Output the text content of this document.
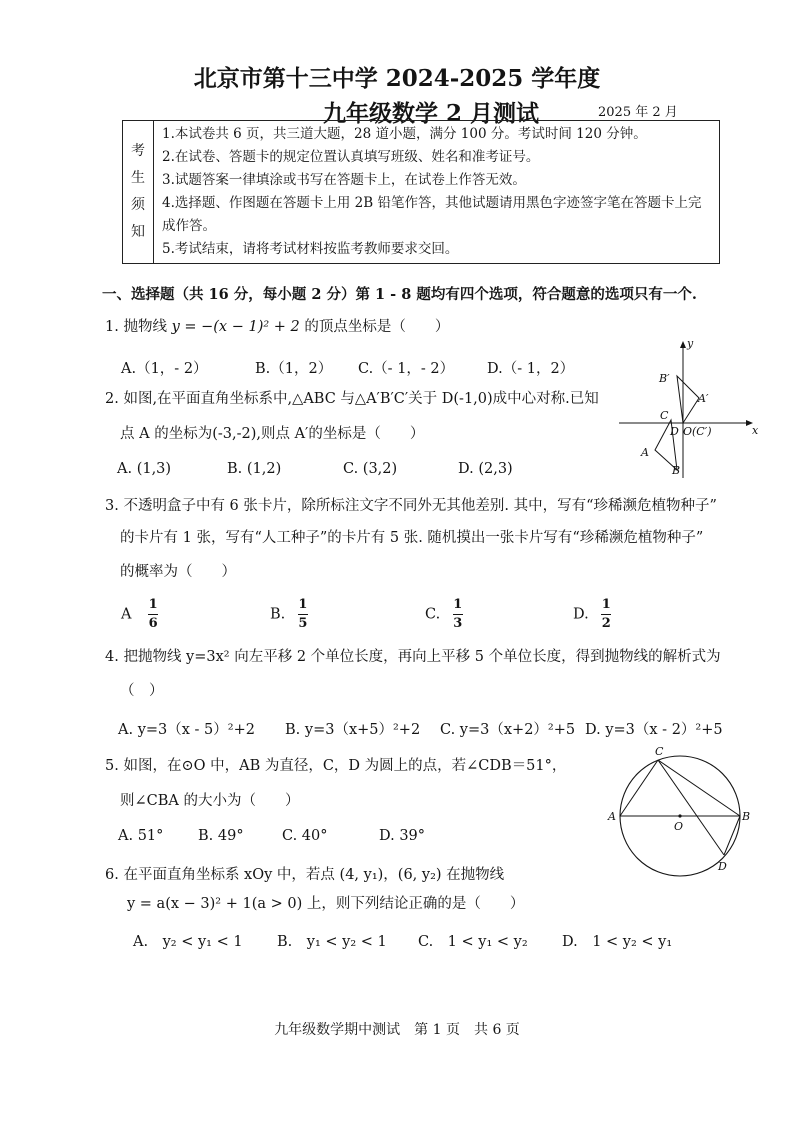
北京市第十三中学 2024-2025 学年度
九年级数学 2 月测试	2025 年 2 月
考
生
须
知

1.本试卷共 6 页，共三道大题，28 道小题，满分 100 分。考试时间 120 分钟。
2.在试卷、答题卡的规定位置认真填写班级、姓名和准考证号。
3.试题答案一律填涂或书写在答题卡上，在试卷上作答无效。
4.选择题、作图题在答题卡上用 2B 铅笔作答，其他试题请用黑色字迹签字笔在答题卡上完成作答。
5.考试结束，请将考试材料按监考教师要求交回。
一、选择题（共 16 分，每小题 2 分）第 1 - 8 题均有四个选项，符合题意的选项只有一个.
1. 抛物线 y = −(x − 1)² + 2 的顶点坐标是（　　）
A.（1，- 2）	B.（1，2） C.（- 1，- 2） D.（- 1，2）
2. 如图,在平面直角坐标系中,△ABC 与△A′B′C′关于 D(-1,0)成中心对称.已知
点 A 的坐标为(-3,-2),则点 A′的坐标是（　　）
A. (1,3)	B. (1,2)	C. (3,2)	D. (2,3)
y
x
B′
A′
C
D O(C′)
A
B
3. 不透明盒子中有 6 张卡片，除所标注文字不同外无其他差别. 其中，写有“珍稀濒危植物种子”
的卡片有 1 张，写有“人工种子”的卡片有 5 张. 随机摸出一张卡片写有“珍稀濒危植物种子”
的概率为（　　）
A $\frac{1}{6}$	B. $\frac{1}{5}$	C. $\frac{1}{3}$	D. $\frac{1}{2}$
4. 把抛物线 y=3x² 向左平移 2 个单位长度，再向上平移 5 个单位长度，得到抛物线的解析式为
（　）
A. y=3（x - 5）²+2 B. y=3（x+5）²+2 C. y=3（x+2）²+5 D. y=3（x - 2）²+5
5. 如图，在⊙O 中，AB 为直径，C，D 为圆上的点，若∠CDB＝51°，
则∠CBA 的大小为（　　）
A. 51° B. 49°	C. 40°	D. 39°
C
A
O
B
D
6. 在平面直角坐标系 xOy 中，若点 (4, y₁)，(6, y₂) 在抛物线
y = a(x − 3)² + 1(a > 0) 上，则下列结论正确的是（　　）
A.　y₂ < y₁ < 1 B.　y₁ < y₂ < 1 C.　1 < y₁ < y₂ D.　1 < y₂ < y₁
九年级数学期中测试　第 1 页　共 6 页
